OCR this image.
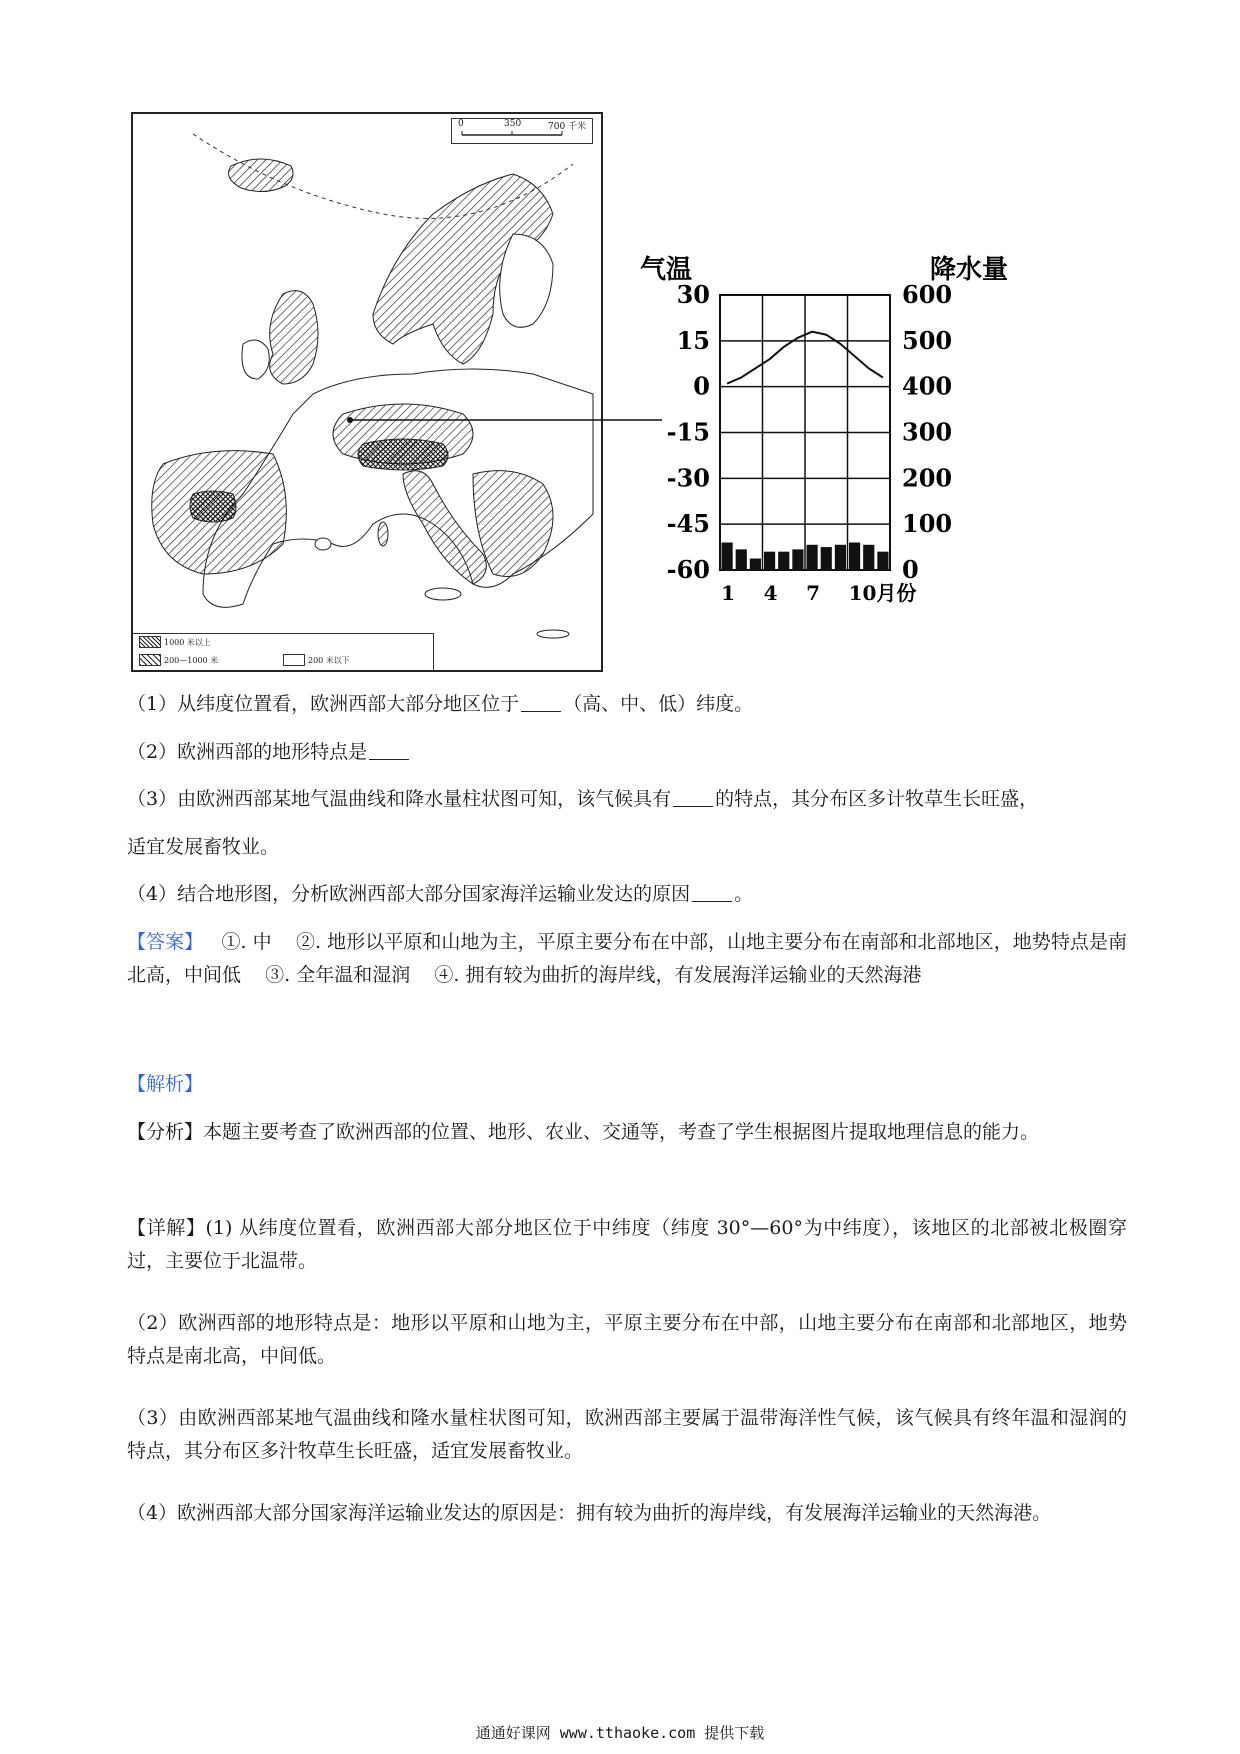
0	350	700 千米
1000 米以上
200—1000 米	200 米以下
气温	降水量
30
15
0
-15
-30
-45
-60
600
500
400
300
200
100
0
1 4 7 10月份
（1）从纬度位置看，欧洲西部大部分地区位于 （高、中、低）纬度。
（2）欧洲西部的地形特点是
（3）由欧洲西部某地气温曲线和降水量柱状图可知，该气候具有 的特点，其分布区多计牧草生长旺盛，
适宜发展畜牧业。
（4）结合地形图，分析欧洲西部大部分国家海洋运输业发达的原因 。
【答案】   ①. 中    ②. 地形以平原和山地为主，平原主要分布在中部，山地主要分布在南部和北部地区，地势特点是南北高，中间低    ③. 全年温和湿润    ④. 拥有较为曲折的海岸线，有发展海洋运输业的天然海港
【解析】
【分析】本题主要考查了欧洲西部的位置、地形、农业、交通等，考查了学生根据图片提取地理信息的能力。
【详解】(1) 从纬度位置看，欧洲西部大部分地区位于中纬度（纬度 30°—60°为中纬度），该地区的北部被北极圈穿过，主要位于北温带。
（2）欧洲西部的地形特点是：地形以平原和山地为主，平原主要分布在中部，山地主要分布在南部和北部地区，地势特点是南北高，中间低。
（3）由欧洲西部某地气温曲线和隆水量柱状图可知，欧洲西部主要属于温带海洋性气候，该气候具有终年温和湿润的特点，其分布区多汁牧草生长旺盛，适宜发展畜牧业。
（4）欧洲西部大部分国家海洋运输业发达的原因是：拥有较为曲折的海岸线，有发展海洋运输业的天然海港。
通通好课网 www.tthaoke.com 提供下载
